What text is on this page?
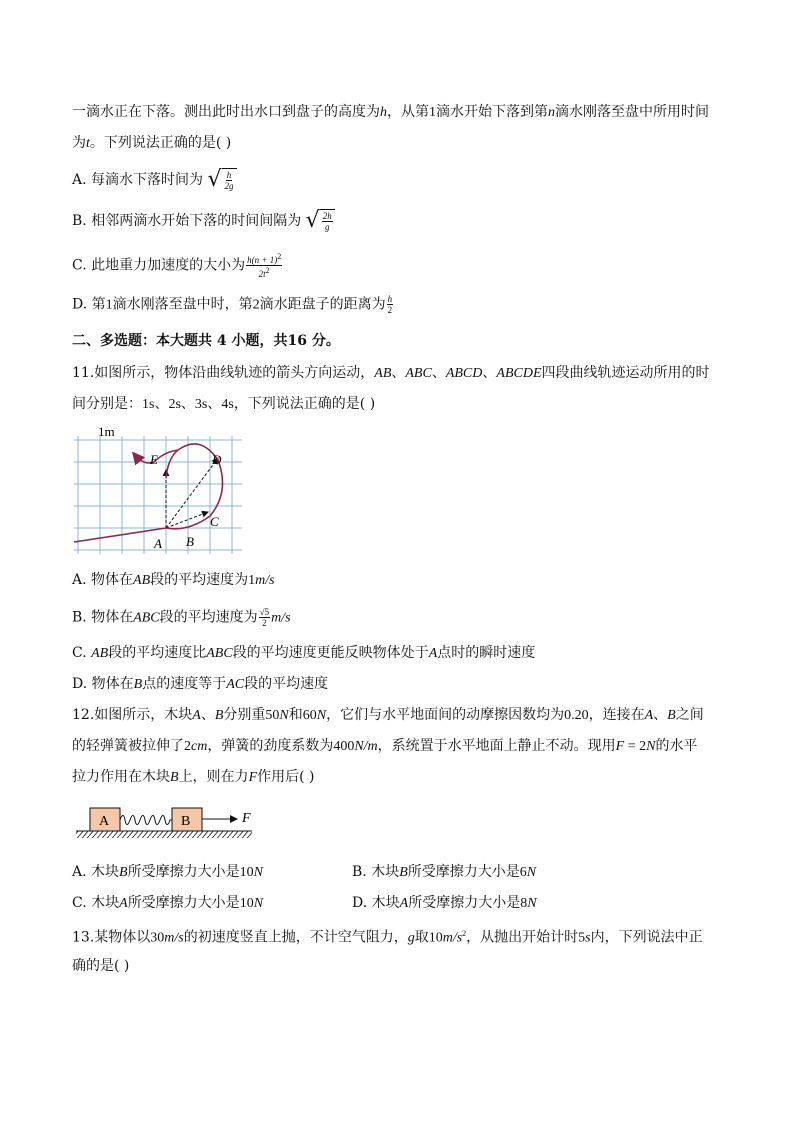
一滴水正在下落。测出此时出水口到盘子的高度为h，从第1滴水开始下落到第n滴水刚落至盘中所用时间
为t。下列说法正确的是( )
A. 每滴水下落时间为 √ $\frac{h}{2g}$
B. 相邻两滴水开始下落的时间间隔为 √ $\frac{2h}{g}$
C. 此地重力加速度的大小为 $\frac{h(n + 1)^2}{2t^2}$
D. 第1滴水刚落至盘中时，第2滴水距盘子的距离为 $\frac{h}{2}$
二、多选题：本大题共 4 小题，共16 分。
11.如图所示，物体沿曲线轨迹的箭头方向运动，AB、ABC、ABCD、ABCDE四段曲线轨迹运动所用的时
间分别是：1s、2s、3s、4s，下列说法正确的是( )
1m
A B
C
D
E
A. 物体在AB段的平均速度为1m/s
B. 物体在ABC段的平均速度为 $\frac{√5}{2} m/s$
C. AB段的平均速度比ABC段的平均速度更能反映物体处于A点时的瞬时速度
D. 物体在B点的速度等于AC段的平均速度
12.如图所示，木块A、B分别重50N和60N，它们与水平地面间的动摩擦因数均为0.20，连接在A、B之间
的轻弹簧被拉伸了2cm，弹簧的劲度系数为400N/m，系统置于水平地面上静止不动。现用F = 2N的水平
拉力作用在木块B上，则在力F作用后( )
A	B	F
A. 木块B所受摩擦力大小是10N	B. 木块B所受摩擦力大小是6N
C. 木块A所受摩擦力大小是10N	D. 木块A所受摩擦力大小是8N
13.某物体以30m/s的初速度竖直上抛，不计空气阻力，g取$10m/s^2$，从抛出开始计时5s内，下列说法中正
确的是( )
